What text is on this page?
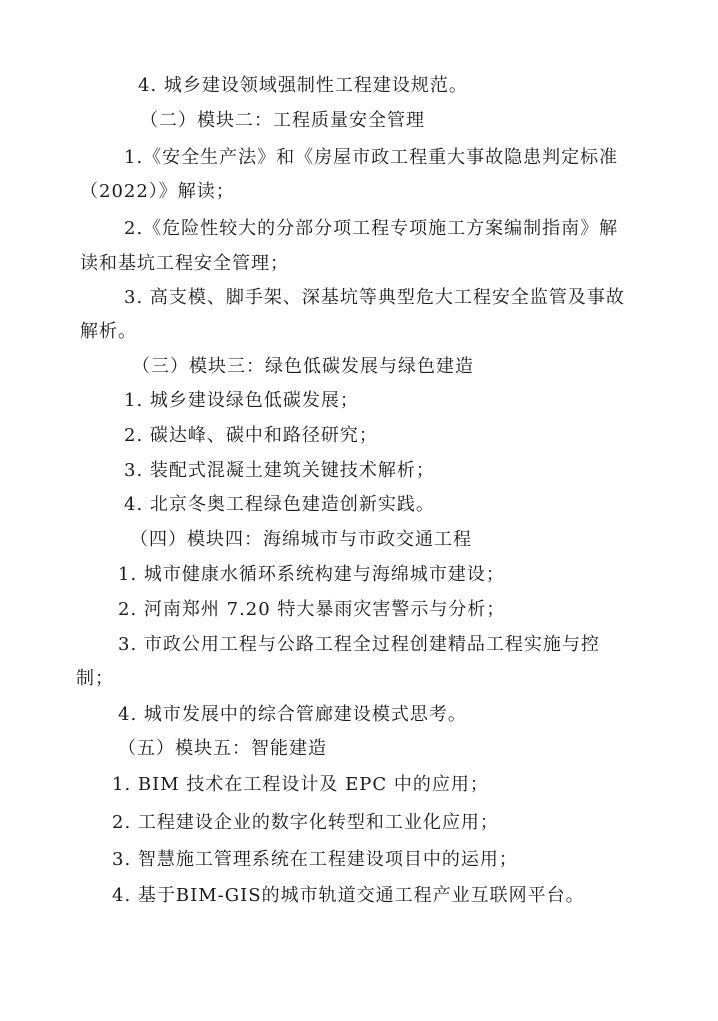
4. 城乡建设领域强制性工程建设规范。
（二）模块二：工程质量安全管理
1.《安全生产法》和《房屋市政工程重大事故隐患判定标准
（2022）》解读；
2.《危险性较大的分部分项工程专项施工方案编制指南》解
读和基坑工程安全管理；
3. 高支模、脚手架、深基坑等典型危大工程安全监管及事故
解析。
（三）模块三：绿色低碳发展与绿色建造
1. 城乡建设绿色低碳发展；
2. 碳达峰、碳中和路径研究；
3. 装配式混凝土建筑关键技术解析；
4. 北京冬奥工程绿色建造创新实践。
（四）模块四：海绵城市与市政交通工程
1. 城市健康水循环系统构建与海绵城市建设；
2. 河南郑州 7.20 特大暴雨灾害警示与分析；
3. 市政公用工程与公路工程全过程创建精品工程实施与控
制；
4. 城市发展中的综合管廊建设模式思考。
（五）模块五：智能建造
1. BIM 技术在工程设计及 EPC 中的应用；
2. 工程建设企业的数字化转型和工业化应用；
3. 智慧施工管理系统在工程建设项目中的运用；
4. 基于BIM-GIS的城市轨道交通工程产业互联网平台。
